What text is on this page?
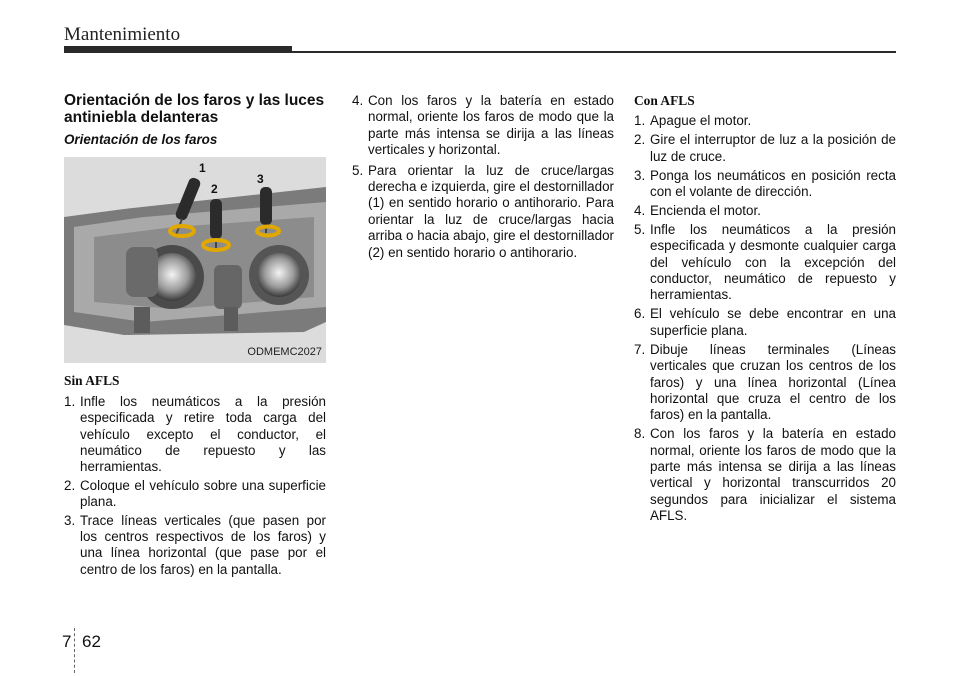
Mantenimiento
Orientación de los faros y las luces antiniebla delanteras
Orientación de los faros
1
2
3
ODMEMC2027
Sin AFLS
1. Infle los neumáticos a la presión especificada y retire toda carga del vehículo excepto el conductor, el neumático de repuesto y las herramientas.
2. Coloque el vehículo sobre una superficie plana.
3. Trace líneas verticales (que pasen por los centros respectivos de los faros) y una línea horizontal (que pase por el centro de los faros) en la pantalla.
4. Con los faros y la batería en estado normal, oriente los faros de modo que la parte más intensa se dirija a las líneas verticales y horizontal.
5. Para orientar la luz de cruce/largas derecha e izquierda, gire el destornillador (1) en sentido horario o antihorario. Para orientar la luz de cruce/largas hacia arriba o hacia abajo, gire el destornillador (2) en sentido horario o antihorario.
Con AFLS
1. Apague el motor.
2. Gire el interruptor de luz a la posición de luz de cruce.
3. Ponga los neumáticos en posición recta con el volante de dirección.
4. Encienda el motor.
5. Infle los neumáticos a la presión especificada y desmonte cualquier carga del vehículo con la excepción del conductor, neumático de repuesto y herramientas.
6. El vehículo se debe encontrar en una superficie plana.
7. Dibuje líneas terminales (Líneas verticales que cruzan los centros de los faros) y una línea horizontal (Línea horizontal que cruza el centro de los faros) en la pantalla.
8. Con los faros y la batería en estado normal, oriente los faros de modo que la parte más intensa se dirija a las líneas vertical y horizontal transcurridos 20 segundos para inicializar el sistema AFLS.
7 62
